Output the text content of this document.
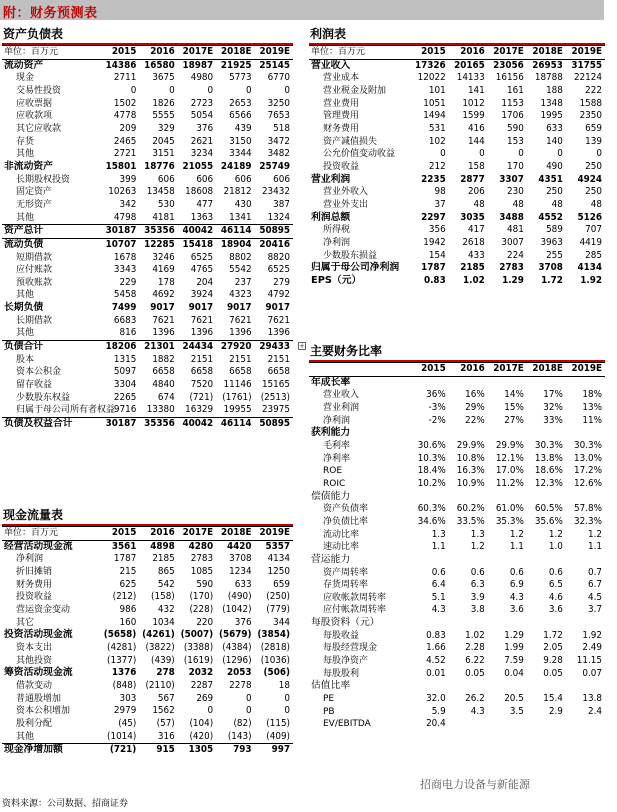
附：财务预测表
资产负债表
单位：百万元	2015	2016	2017E	2018E	2019E
流动资产	14386	16580	18987	21925	25145
现金	2711	3675	4980	5773	6770
交易性投资	0	0	0	0	0
应收票据	1502	1826	2723	2653	3250
应收款项	4778	5555	5054	6566	7653
其它应收款	209	329	376	439	518
存货	2465	2045	2621	3150	3472
其他	2721	3151	3234	3344	3482
非流动资产	15801	18776	21055	24189	25749
长期股权投资	399	606	606	606	606
固定资产	10263	13458	18608	21812	23432
无形资产	342	530	477	430	387
其他	4798	4181	1363	1341	1324
资产总计	30187	35356	40042	46114	50895
流动负债	10707	12285	15418	18904	20416
短期借款	1678	3246	6525	8802	8820
应付账款	3343	4169	4765	5542	6525
预收账款	229	178	204	237	279
其他	5458	4692	3924	4323	4792
长期负债	7499	9017	9017	9017	9017
长期借款	6683	7621	7621	7621	7621
其他	816	1396	1396	1396	1396
负债合计	18206	21301	24434	27920	29433
股本	1315	1882	2151	2151	2151
资本公积金	5097	6658	6658	6658	6658
留存收益	3304	4840	7520	11146	15165
少数股东权益	2265	674	(721)	(1761)	(2513)
归属于母公司所有者权益	9716	13380	16329	19955	23975
负债及权益合计	30187	35356	40042	46114	50895
现金流量表
单位：百万元	2015	2016	2017E	2018E	2019E
经营活动现金流	3561	4898	4280	4420	5357
净利润	1787	2185	2783	3708	4134
折旧摊销	215	865	1085	1234	1250
财务费用	625	542	590	633	659
投资收益	(212)	(158)	(170)	(490)	(250)
营运资金变动	986	432	(228)	(1042)	(779)
其它	160	1034	220	376	344
投资活动现金流	(5658)	(4261)	(5007)	(5679)	(3854)
资本支出	(4281)	(3822)	(3388)	(4384)	(2818)
其他投资	(1377)	(439)	(1619)	(1296)	(1036)
筹资活动现金流	1376	278	2032	2053	(506)
借款变动	(848)	(2110)	2287	2278	18
普通股增加	303	567	269	0	0
资本公积增加	2979	1562	0	0	0
股利分配	(45)	(57)	(104)	(82)	(115)
其他	(1014)	316	(420)	(143)	(409)
现金净增加额	(721)	915	1305	793	997
利润表
单位：百万元	2015	2016	2017E	2018E	2019E
营业收入	17326	20165	23056	26953	31755
营业成本	12022	14133	16156	18788	22124
营业税金及附加	101	141	161	188	222
营业费用	1051	1012	1153	1348	1588
管理费用	1494	1599	1706	1995	2350
财务费用	531	416	590	633	659
资产减值损失	102	144	153	140	139
公允价值变动收益	0	0	0	0	0
投资收益	212	158	170	490	250
营业利润	2235	2877	3307	4351	4924
营业外收入	98	206	230	250	250
营业外支出	37	48	48	48	48
利润总额	2297	3035	3488	4552	5126
所得税	356	417	481	589	707
净利润	1942	2618	3007	3963	4419
少数股东损益	154	433	224	255	285
归属于母公司净利润	1787	2185	2783	3708	4134
EPS（元）	0.83	1.02	1.29	1.72	1.92
+ 主要财务比率
	2015	2016	2017E	2018E	2019E
年成长率					
营业收入	36%	16%	14%	17%	18%
营业利润	-3%	29%	15%	32%	13%
净利润	-2%	22%	27%	33%	11%
获利能力					
毛利率	30.6%	29.9%	29.9%	30.3%	30.3%
净利率	10.3%	10.8%	12.1%	13.8%	13.0%
ROE	18.4%	16.3%	17.0%	18.6%	17.2%
ROIC	10.2%	10.9%	11.2%	12.3%	12.6%
偿债能力					
资产负债率	60.3%	60.2%	61.0%	60.5%	57.8%
净负债比率	34.6%	33.5%	35.3%	35.6%	32.3%
流动比率	1.3	1.3	1.2	1.2	1.2
速动比率	1.1	1.2	1.1	1.0	1.1
营运能力					
资产周转率	0.6	0.6	0.6	0.6	0.7
存货周转率	6.4	6.3	6.9	6.5	6.7
应收帐款周转率	5.1	3.9	4.3	4.6	4.5
应付帐款周转率	4.3	3.8	3.6	3.6	3.7
每股资料（元）					
每股收益	0.83	1.02	1.29	1.72	1.92
每股经营现金	1.66	2.28	1.99	2.05	2.49
每股净资产	4.52	6.22	7.59	9.28	11.15
每股股利	0.01	0.05	0.04	0.05	0.07
估值比率					
PE	32.0	26.2	20.5	15.4	13.8
PB	5.9	4.3	3.5	2.9	2.4
EV/EBITDA	20.4				
招商电力设备与新能源
资料来源：公司数据、招商证券
